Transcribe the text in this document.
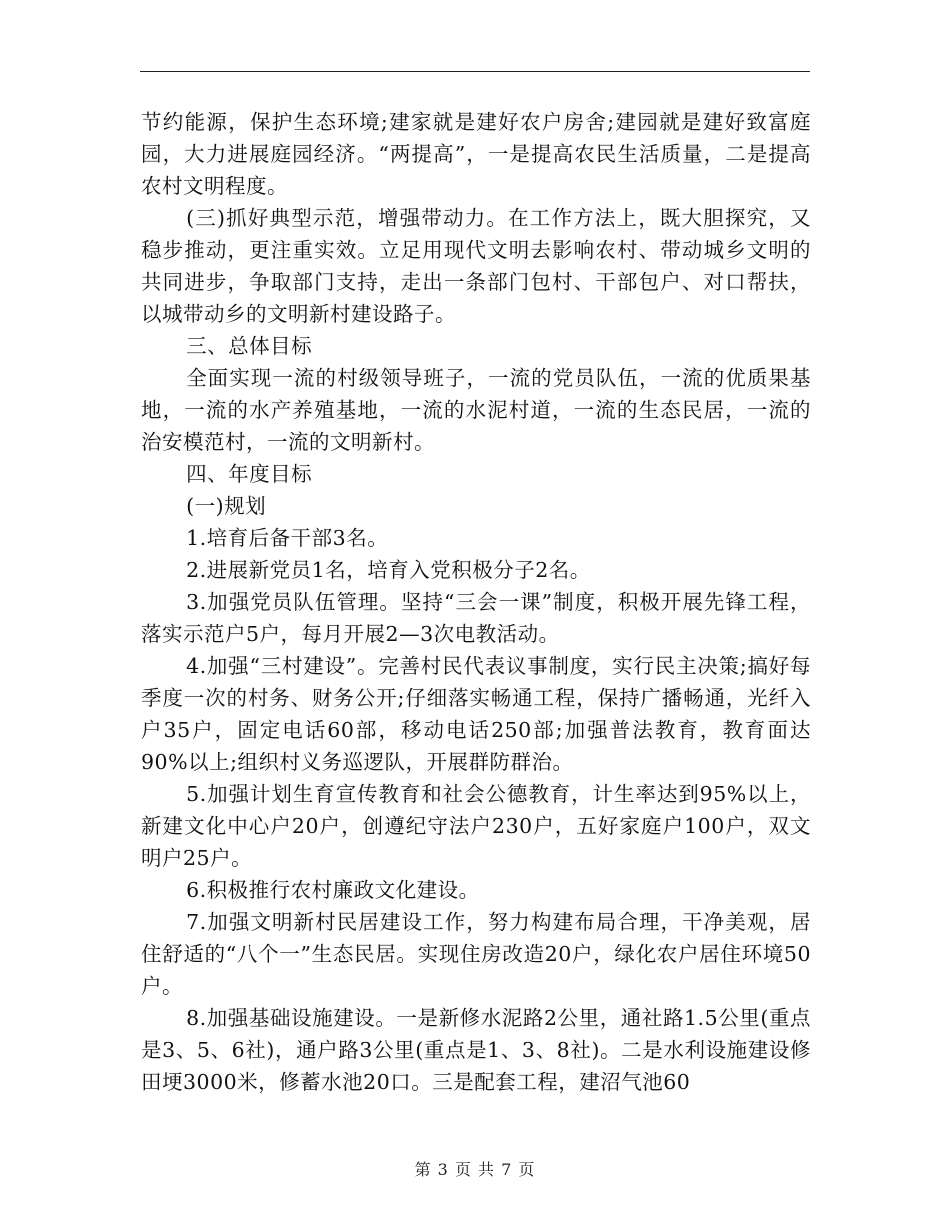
节约能源，保护生态环境;建家就是建好农户房舍;建园就是建好致富庭园，大力进展庭园经济。“两提高”，一是提高农民生活质量，二是提高农村文明程度。

(三)抓好典型示范，增强带动力。在工作方法上，既大胆探究，又稳步推动，更注重实效。立足用现代文明去影响农村、带动城乡文明的共同进步，争取部门支持，走出一条部门包村、干部包户、对口帮扶，以城带动乡的文明新村建设路子。

三、总体目标

全面实现一流的村级领导班子，一流的党员队伍，一流的优质果基地，一流的水产养殖基地，一流的水泥村道，一流的生态民居，一流的治安模范村，一流的文明新村。

四、年度目标

(一)规划

1.培育后备干部3名。

2.进展新党员1名，培育入党积极分子2名。

3.加强党员队伍管理。坚持“三会一课”制度，积极开展先锋工程，落实示范户5户，每月开展2—3次电教活动。

4.加强“三村建设”。完善村民代表议事制度，实行民主决策;搞好每季度一次的村务、财务公开;仔细落实畅通工程，保持广播畅通，光纤入户35户，固定电话60部，移动电话250部;加强普法教育，教育面达90%以上;组织村义务巡逻队，开展群防群治。

5.加强计划生育宣传教育和社会公德教育，计生率达到95%以上，新建文化中心户20户，创遵纪守法户230户，五好家庭户100户，双文明户25户。

6.积极推行农村廉政文化建设。

7.加强文明新村民居建设工作，努力构建布局合理，干净美观，居住舒适的“八个一”生态民居。实现住房改造20户，绿化农户居住环境50户。

8.加强基础设施建设。一是新修水泥路2公里，通社路1.5公里(重点是3、5、6社)，通户路3公里(重点是1、3、8社)。二是水利设施建设修田埂3000米，修蓄水池20口。三是配套工程，建沼气池60

第 3 页 共 7 页
